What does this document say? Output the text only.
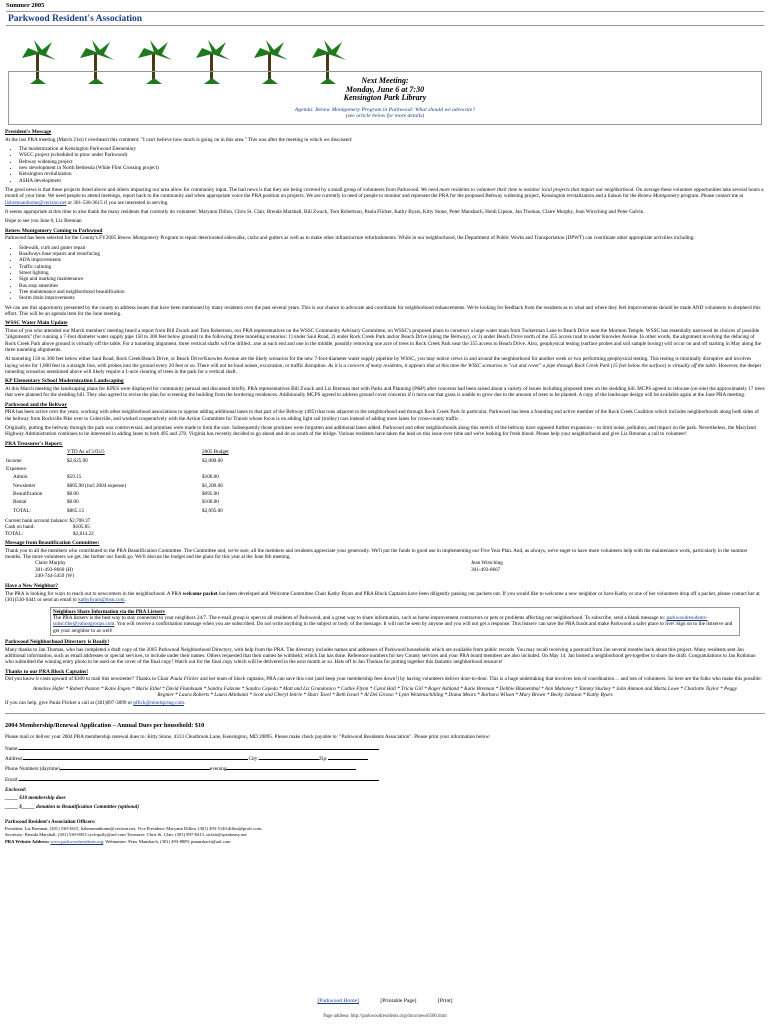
Summer 2005
Parkwood Resident's Association
Next Meeting:
Monday, June 6 at 7:30
Kensington Park Library
Agenda: Renew Montgomery Program in Parkwood: What should we advocate?
(see article below for more details)
President's Message

At the last PRA meeting (March 21st) I overheard this comment: "I can't believe how much is going on in this area." This was after the meeting in which we discussed:

• The modernization at Kensington Parkwood Elementary
• WSCC project (scheduled to plow under Parkwood)
• Beltway widening project
• new development in North Bethesda (White Flint Crossing project)
• Kensington revitalization
• ASHA development

The good news is that these projects listed above and others impacting our area allow for community input. The bad news is that they are being covered by a small group of volunteers from Parkwood. We need more residents to volunteer their time to monitor local projects that impact our neighborhood. On average these volunteer opportunities take several hours a month of your time. We need people to attend meetings, report back to the community and when appropriate voice the PRA position on projects. We are currently in need of people to monitor and represent the PRA for the proposed Beltway widening project, Kensington revitalization and a liaison for the Renew Montgomery program. Please contact me at lizbrennanhome@verizon.net or 301-530-3615 if you are interested in serving.

It seems appropriate at this time to also thank the many residents that currently do volunteer: Maryann Dillon, Chris St. Clair, Brenda Marshall, Bill Zwack, Tom Robertson, Paula Flicker, Kathy Byars, Kitty Stone, Peter Mansbach, Heidi Lipson, Jan Thomas, Claire Murphy, Jean Wirsching and Peter Galvin.

Hope to see you June 6, Liz Brennan

Renew Montgomery Coming to Parkwood

Parkwood has been selected for the County's FY2005 Renew Montgomery Program to repair deteriorated sidewalks, curbs and gutters as well as to make other infrastructure refurbishments. While in our neighborhood, the Department of Public Works and Transportation (DPWT) can coordinate other appropriate activities including:

• Sidewalk, curb and gutter repair
• Roadways base repairs and resurfacing
• ADA improvements
• Traffic calming
• Street lighting
• Sign and marking maintenance
• Bus stop amenities
• Tree maintenance and neighborhood beautification
• Storm drain improvements

We can use this opportunity presented by the county to address issues that have been mentioned by many residents over the past several years. This is our chance to advocate and coordinate for neighborhood enhancements. We're looking for feedback from the residents as to what and where they feel improvements should be made AND volunteers to shepherd this effort. This will be an agenda item for the June meeting.

WSSC Water Main Update

Those of you who attended our March members' meeting heard a report from Bill Zwack and Tom Robertson, our PRA representatives on the WSSC Community Advisory Committee, on WSSC's proposed plans to construct a large water main from Tuckerman Lane to Beach Drive near the Mormon Temple. WSSC has essentially narrowed its choices of possible "alignments" (for running a 7-foot diameter water supply pipe 150 to 300 feet below ground) to the following three tunneling scenarios: 1) under Saul Road, 2) under Rock Creek Park and/or Beach Drive (along the Beltway), or 3) under Beach Drive north of the 355 access road to under Knowles Avenue. In other words, the alignment involving the defacing of Rock Creek Park above ground is virtually off the table. For a tunneling alignment, three vertical shafts will be drilled...one at each end and one in the middle, possibly removing one acre of trees in Rock Creek Park near the 355 access to Beach Drive. Also, geophysical testing (surface probes and soil sample boring) will occur on and off starting in May along the three tunneling alignments.

At tunneling 150 to 300 feet below either Saul Road, Rock Creek/Beach Drive, or Beach Drive/Knowles Avenue are the likely scenarios for the new 7-foot-diameter water supply pipeline by WSSC, you may notice crews in and around the neighborhood for another week or two performing geophysical testing. This testing is minimally disruptive and involves laying wires for 1,000 feet in a straight line, with probes into the ground every 20 feet or so. There will not be loud noises, excavation, or traffic disruption. As it is a concern of many residents, it appears that at this time the WSSC scenarios to "cut and cover" a pipe through Rock Creek Park (15 feet below the surface) is virtually off the table. However, the deeper tunneling scenarios mentioned above will likely require a 1-acre clearing of trees in the park for a vertical shaft.

KP Elementary School Modernization Landscaping

At this March meeting the landscaping plans for KPES were displayed for community perusal and discussed briefly. PRA representatives Bill Zwack and Liz Brennan met with Parks and Planning (P&P) after concerns had been raised about a variety of issues including proposed trees on the sledding hill. MCPS agreed to relocate (on-site) the approximately 17 trees that were planned for the sledding hill. They also agreed to revise the plan for screening the building from the bordering residences. Additionally MCPS agreed to address ground cover concerns if it turns out that grass is unable to grow due to the amount of trees to be planted. A copy of the landscape design will be available again at the June PRA meeting.

Parkwood and the Beltway

PRA has been active over the years, working with other neighborhood associations to oppose adding additional lanes to that part of the Beltway (495) that runs adjacent to the neighborhood and through Rock Creek Park In particular, Parkwood has been a founding and active member of the Rock Creek Coalition which includes neighborhoods along both sides of the beltway from Rockville Pike over to Colesville, and worked cooperatively with the Action Committee for Transit whose focus is on adding light rail (trolley) cars instead of adding more lanes for cross-county traffic.

Originally, putting the beltway through the park was controversial, and promises were made to limit the size. Subsequently those promises were forgotten and additional lanes added. Parkwood and other neighborhoods along this stretch of the beltway have opposed further expansion – to limit noise, pollution, and impact on the park. Nevertheless, the Maryland Highway Administration continues to be interested in adding lanes to both 495 and 270. Virginia has recently decided to go ahead and do so south of the bridge. Various residents have taken the lead on this issue over time and we're looking for fresh blood. Please help your neighborhood and give Liz Brennan a call to volunteer!

PRA Treasurer's Report:
	YTD As of 5/03/5	2005 Budget
Income	$2,625.90	$2,000.00
Expenses:		
Admin	$59.15	$100.00
Newsletter	$805.98 (incl 2004 expense)	$1,200.00
Beautification	$0.00	$695.00
Rental	$0.00	$100.00
TOTAL:	$865.13	$2,095.00
Current bank account balance: $2,708.37
Cash on hand:	$105.85
TOTAL:	$2,814.22
Message from Beautification Committee:

Thank you to all the members who contributed to the PRA Beautification Committee. The Committee and, we're sure, all the members and residents appreciate your generosity. We'll put the funds to good use in implementing our Five Year Plan. And, as always, we're eager to have more volunteers help with the maintenance work, particularly in the summer months. The more volunteers we get, the further our funds go. We'll discuss the budget and the plans for this year at the June 6th meeting.

Claire Murphy
301-493-8660 (H)
240-744-5459 (W)
Jean Wirsching
301-493-8667
Have a New Neighbor?

The PRA is looking for ways to reach out to newcomers in the neighborhood. A PRA welcome packet has been developed and Welcome Committee Chair Kathy Byars and PRA Block Captains have been diligently passing our packets out. If you would like to welcome a new neighbor or have Kathy or one of her volunteers drop off a packet, please contact her at (301)530-9441 or send an email to kathybyars@msn.com.

Neighbors Share Information via the PRA Listserv
The PRA listserv is the best way to stay connected to your neighbors 24/7. The e-mail group is open to all residents of Parkwood, and a great way to share information, such as home improvement contractors or pets or problems affecting our neighborhood. To subscribe, send a blank message to: parkwoodresidents-subscribe@yahoogroups.com. You will receive a confirmation message when you are subscribed. Do not write anything in the subject or body of the message. It will not be seen by anyone and you will not get a response. This listserv can save the PRA funds and make Parkwood a safer place to live! Sign on to the listserve and get your neighbor to as well!
Parkwood Neighborhood Directory is Ready!

Many thanks to Jan Thomas, who has completed a draft copy of the 2005 Parkwood Neighborhood Directory, with help from the PRA. The directory includes names and addresses of Parkwood households which are available from public records. You may recall receiving a postcard from Jan several months back about this project. Many residents sent Jan additional information, such as email addresses or special services, to include under their names. Others requested that their names be withheld, which Jan has done. Reference numbers for key County services and your PRA board members are also included. On May 14, Jan hosted a neighborhood get-together to share the draft. Congratulations to Jan Rothman who submitted the winning entry photo to be used on the cover of the final copy! Watch out for the final copy which will be delivered in the next month or so. Hats off to Jan Thomas for putting together this fantastic neighborhood resource!

Thanks to our PRA Block Captains!

Did you know it costs upward of $300 to mail this newsletter? Thanks to Chair Paula Flicker and her team of block captains, PRA can save this cost (and keep your membership fees down!) by having volunteers deliver door-to-door. This is a huge undertaking that involves lots of coordination… and lots of volunteers. So here are the folks who make this possible:

Annelise Hafer * Robert Paxton * Katie Engen * Marie Ethel * David Flumbaum * Sandra Falzone * Sandra Cepeda * Matt and Liz Grandonico * Cathie Flynn * Carol Hall * Tricia Gill * Roger Ashland * Katie Brennan * Debbie Blumenthal * Ann Mahoney * Tammy Stuckey * John Ammon and Marta Lowe * Charlotte Taylor * Peggy Regnier * Laura Roberts * Laura Akinbami * Scott and Cheryl Imirie * Shari Tavel * Beth Israel * Al Del Grosso * Lynn Weidenschilling * Diana Mears * Barbara Wilson * Mary Brown * Becky Johnson * Kathy Byars

If you can help, give Paula Flicker a call at (301)897-3899 or pflick@mindspring.com.

2004 Membership/Renewal Application – Annual Dues per household: $10

Please mail or deliver your 2004 PRA membership renewal dues to: Kitty Stone, 4313 Clearbrook Lane, Kensington, MD 20895. Please make check payable to: "Parkwood Residents Association". Please print your information below:

Name:
Address:	City:	Zip:
Phone Numbers:(daytime)	evening
Email:
Enclosed:
_____ $10 membership dues
_____ $_____ donation to Beautification Committee (optional)
Parkwood Resident's Association Officers:
President: Liz Brennan, (301) 530-3615, lizbrennanhome@verizon.net, Vice President: Maryann Dillon, (301) 493-5140,dillon@prols.com,
Secretary: Brenda Marshall, (301) 530-0053 cyclopsfly@aol.com Treasurer: Chris St. Clair, (301) 897-8413, stclair@speakeasy.net
PRA Website Address: www.parkwoodresidents.org, Webmaster: Peter Mansbach, (301) 493-8809, pmansbach@aol.com
[Parkwood Home]	[Printable Page]	[Print]
Page address: http://parkwoodresidents.org/docs/news0506.html
